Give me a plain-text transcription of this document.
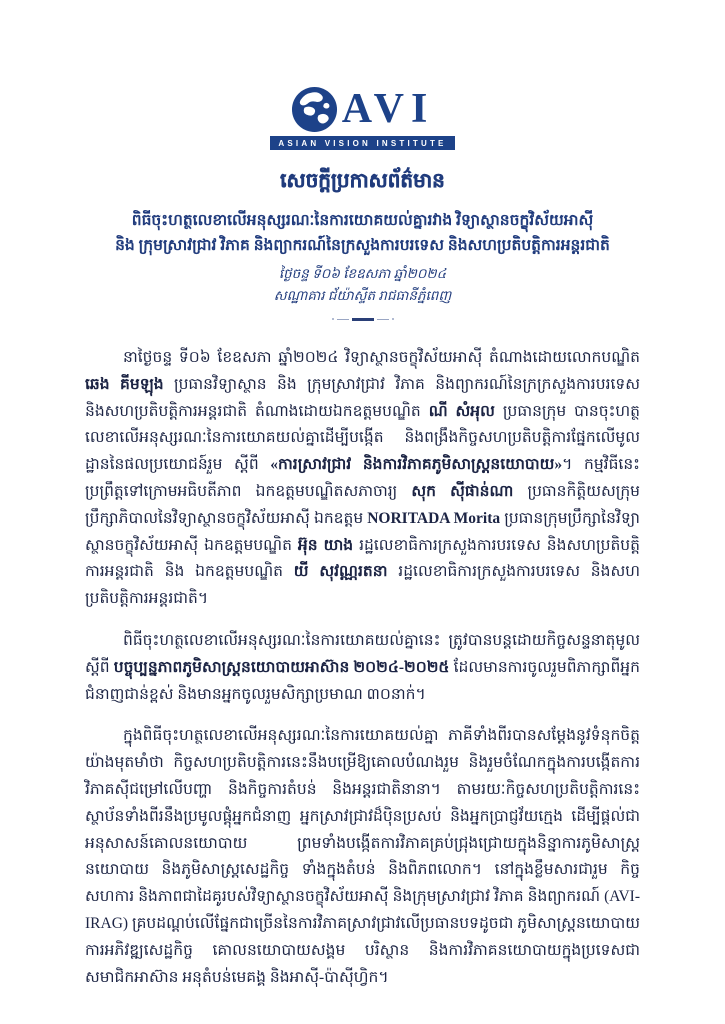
AVI
ASIAN VISION INSTITUTE
សេចក្ដីប្រកាសព័ត៌មាន
ពិធីចុះហត្ថលេខាលើអនុស្សរណៈនៃការយោគយល់គ្នារវាង វិទ្យាស្ថានចក្ខុវិស័យអាស៊ី
និង ក្រុមស្រាវជ្រាវ វិភាគ និងព្យាករណ៍នៃក្រសួងការបរទេស និងសហប្រតិបត្តិការអន្តរជាតិ
ថ្ងៃចន្ទ ទី០៦ ខែឧសភា ឆ្នាំ២០២៤
សណ្ឋាគារ ជ័យ៉ាស្ទីត រាជធានីភ្នំពេញ

នាថ្ងៃចន្ទ ទី០៦ ខែឧសភា ឆ្នាំ២០២៤ វិទ្យាស្ថានចក្ខុវិស័យអាស៊ី តំណាងដោយលោកបណ្ឌិត ឆេង គីមឡុង ប្រធានវិទ្យាស្ថាន និង ក្រុមស្រាវជ្រាវ វិភាគ និងព្យាករណ៍នៃក្រក្រសួងការបរទេស និងសហប្រតិបត្តិការអន្តរជាតិ តំណាងដោយឯកឧត្តមបណ្ឌិត ណី សំអុល ប្រធានក្រុម បានចុះហត្ថលេខាលើអនុស្សរណៈនៃការយោគយល់គ្នាដើម្បីបង្កើត និងពង្រឹងកិច្ចសហប្រតិបត្តិការផ្នែកលើមូលដ្ឋាននៃផលប្រយោជន៍រួម ស្តីពី «ការស្រាវជ្រាវ និងការវិភាគភូមិសាស្ត្រនយោបាយ»។ កម្មវិធីនេះប្រព្រឹត្តទៅក្រោមអធិបតីភាព ឯកឧត្តមបណ្ឌិតសភាចារ្យ សុក ស៊ីផាន់ណា ប្រធានកិត្តិយសក្រុមប្រឹក្សាភិបាលនៃវិទ្យាស្ថានចក្ខុវិស័យអាស៊ី ឯកឧត្តម NORITADA Morita ប្រធានក្រុមប្រឹក្សានៃវិទ្យាស្ថានចក្ខុវិស័យអាស៊ី ឯកឧត្តមបណ្ឌិត អ៊ុន យាង រដ្ឋលេខាធិការក្រសួងការបរទេស និងសហប្រតិបត្តិការអន្តរជាតិ និង ឯកឧត្តមបណ្ឌិត យី សុវណ្ណរតនា រដ្ឋលេខាធិការក្រសួងការបរទេស និងសហប្រតិបត្តិការអន្តរជាតិ។

ពិធីចុះហត្ថលេខាលើអនុស្សរណៈនៃការយោគយល់គ្នានេះ ត្រូវបានបន្តដោយកិច្ចសន្ទនាតុមូល ស្តីពី បច្ចុប្បន្នភាពភូមិសាស្រ្តនយោបាយអាស៊ាន ២០២៤-២០២៥ ដែលមានការចូលរួមពិភាក្សាពីអ្នកជំនាញជាន់ខ្ពស់ និងមានអ្នកចូលរួមសិក្សាប្រមាណ ៣០នាក់។

ក្នុងពិធីចុះហត្ថលេខាលើអនុស្សរណៈនៃការយោគយល់គ្នា ភាគីទាំងពីរបានសម្តែងនូវទំនុកចិត្តយ៉ាងមុតមាំថា កិច្ចសហប្រតិបត្តិការនេះនឹងបម្រើឱ្យគោលបំណងរួម និងរួមចំណែកក្នុងការបង្កើតការវិភាគស៊ីជម្រៅលើបញ្ហា និងកិច្ចការតំបន់ និងអន្តរជាតិនានា។ តាមរយៈកិច្ចសហប្រតិបត្តិការនេះ ស្ថាប័នទាំងពីរនឹងប្រមូលផ្តុំអ្នកជំនាញ អ្នកស្រាវជ្រាវដ៏ប៉ិនប្រសប់ និងអ្នកប្រាជ្ញវ័យក្មេង ដើម្បីផ្តល់ជាអនុសាសន៍គោលនយោបាយ ព្រមទាំងបង្កើតការវិភាគគ្រប់ជ្រុងជ្រោយក្នុងនិន្នាការភូមិសាស្រ្តនយោបាយ និងភូមិសាស្ត្រសេដ្ឋកិច្ច ទាំងក្នុងតំបន់ និងពិភពលោក។ នៅក្នុងខ្លឹមសារជារួម កិច្ចសហការ និងភាពជាដៃគូរបស់វិទ្យាស្ថានចក្ខុវិស័យអាស៊ី និងក្រុមស្រាវជ្រាវ វិភាគ និងព្យាករណ៍ (AVI-IRAG) គ្របដណ្តប់លើផ្នែកជាច្រើននៃការវិភាគស្រាវជ្រាវលើប្រធានបទដូចជា ភូមិសាស្ត្រនយោបាយ ការអភិវឌ្ឍសេដ្ឋកិច្ច គោលនយោបាយសង្គម បរិស្ថាន និងការវិភាគនយោបាយក្នុងប្រទេសជាសមាជិកអាស៊ាន អនុតំបន់មេគង្គ និងអាស៊ី-ប៉ាស៊ីហ្វិក។
